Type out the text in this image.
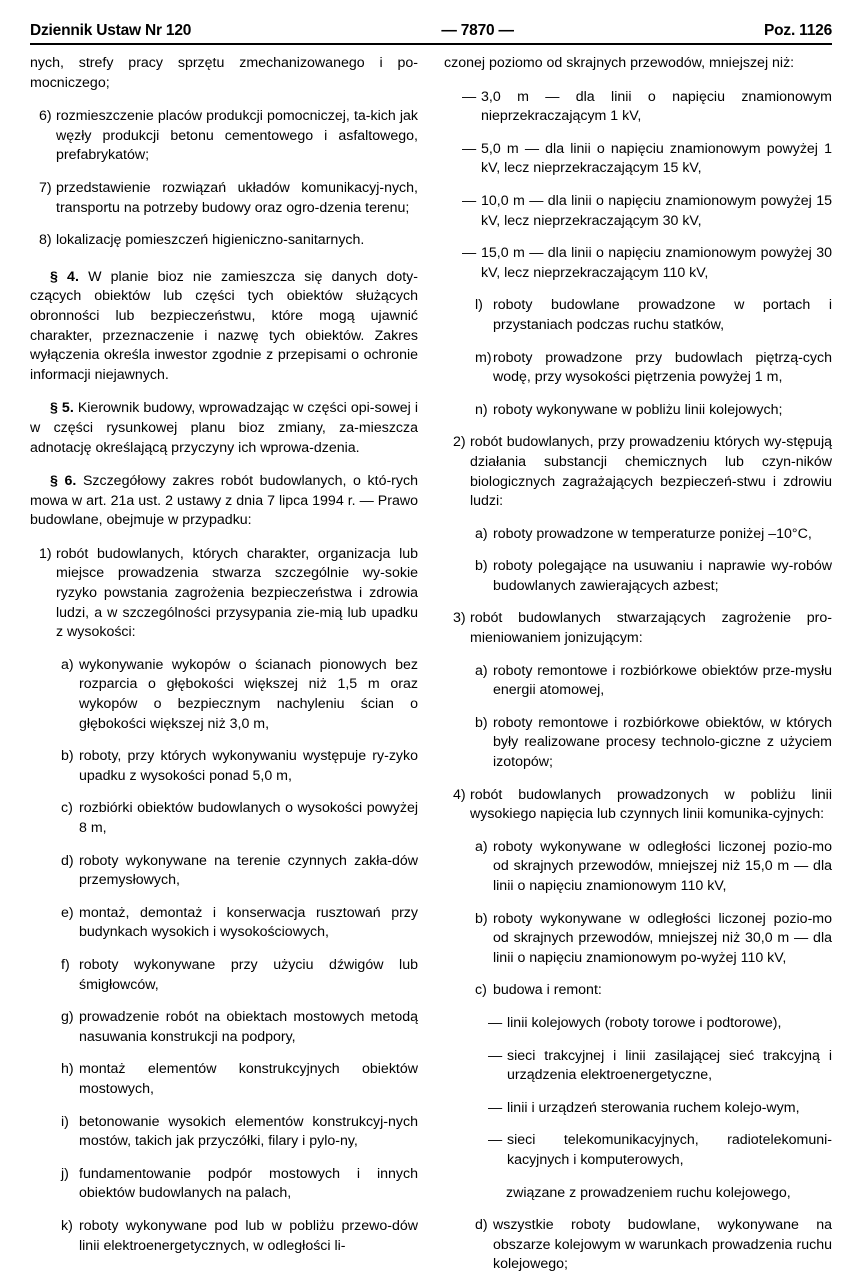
Dziennik Ustaw Nr 120	— 7870 —	Poz. 1126
nych, strefy pracy sprzętu zmechanizowanego i po-mocniczego;
6) rozmieszczenie placów produkcji pomocniczej, ta-kich jak węzły produkcji betonu cementowego i asfaltowego, prefabrykatów;
7) przedstawienie rozwiązań układów komunikacyj-nych, transportu na potrzeby budowy oraz ogro-dzenia terenu;
8) lokalizację pomieszczeń higieniczno-sanitarnych.

§ 4. W planie bioz nie zamieszcza się danych doty-czących obiektów lub części tych obiektów służących obronności lub bezpieczeństwu, które mogą ujawnić charakter, przeznaczenie i nazwę tych obiektów. Zakres wyłączenia określa inwestor zgodnie z przepisami o ochronie informacji niejawnych.

§ 5. Kierownik budowy, wprowadzając w części opi-sowej i w części rysunkowej planu bioz zmiany, za-mieszcza adnotację określającą przyczyny ich wprowa-dzenia.

§ 6. Szczegółowy zakres robót budowlanych, o któ-rych mowa w art. 21a ust. 2 ustawy z dnia 7 lipca 1994 r. — Prawo budowlane, obejmuje w przypadku:

1) robót budowlanych, których charakter, organizacja lub miejsce prowadzenia stwarza szczególnie wy-sokie ryzyko powstania zagrożenia bezpieczeństwa i zdrowia ludzi, a w szczególności przysypania zie-mią lub upadku z wysokości:
a) wykonywanie wykopów o ścianach pionowych bez rozparcia o głębokości większej niż 1,5 m oraz wykopów o bezpiecznym nachyleniu ścian o głębokości większej niż 3,0 m,
b) roboty, przy których wykonywaniu występuje ry-zyko upadku z wysokości ponad 5,0 m,
c) rozbiórki obiektów budowlanych o wysokości powyżej 8 m,
d) roboty wykonywane na terenie czynnych zakła-dów przemysłowych,
e) montaż, demontaż i konserwacja rusztowań przy budynkach wysokich i wysokościowych,
f) roboty wykonywane przy użyciu dźwigów lub śmigłowców,
g) prowadzenie robót na obiektach mostowych metodą nasuwania konstrukcji na podpory,
h) montaż elementów konstrukcyjnych obiektów mostowych,
i) betonowanie wysokich elementów konstrukcyj-nych mostów, takich jak przyczółki, filary i pylo-ny,
j) fundamentowanie podpór mostowych i innych obiektów budowlanych na palach,
k) roboty wykonywane pod lub w pobliżu przewo-dów linii elektroenergetycznych, w odległości li-
czonej poziomo od skrajnych przewodów, mniejszej niż:
— 3,0 m — dla linii o napięciu znamionowym nieprzekraczającym 1 kV,
— 5,0 m — dla linii o napięciu znamionowym powyżej 1 kV, lecz nieprzekraczającym 15 kV,
— 10,0 m — dla linii o napięciu znamionowym powyżej 15 kV, lecz nieprzekraczającym 30 kV,
— 15,0 m — dla linii o napięciu znamionowym powyżej 30 kV, lecz nieprzekraczającym 110 kV,
l) roboty budowlane prowadzone w portach i przystaniach podczas ruchu statków,
m) roboty prowadzone przy budowlach piętrzą-cych wodę, przy wysokości piętrzenia powyżej 1 m,
n) roboty wykonywane w pobliżu linii kolejowych;
2) robót budowlanych, przy prowadzeniu których wy-stępują działania substancji chemicznych lub czyn-ników biologicznych zagrażających bezpieczeń-stwu i zdrowiu ludzi:
a) roboty prowadzone w temperaturze poniżej –10°C,
b) roboty polegające na usuwaniu i naprawie wy-robów budowlanych zawierających azbest;
3) robót budowlanych stwarzających zagrożenie pro-mieniowaniem jonizującym:
a) roboty remontowe i rozbiórkowe obiektów prze-mysłu energii atomowej,
b) roboty remontowe i rozbiórkowe obiektów, w których były realizowane procesy technolo-giczne z użyciem izotopów;
4) robót budowlanych prowadzonych w pobliżu linii wysokiego napięcia lub czynnych linii komunika-cyjnych:
a) roboty wykonywane w odległości liczonej pozio-mo od skrajnych przewodów, mniejszej niż 15,0 m — dla linii o napięciu znamionowym 110 kV,
b) roboty wykonywane w odległości liczonej pozio-mo od skrajnych przewodów, mniejszej niż 30,0 m — dla linii o napięciu znamionowym po-wyżej 110 kV,
c) budowa i remont:
— linii kolejowych (roboty torowe i podtorowe),
— sieci trakcyjnej i linii zasilającej sieć trakcyjną i urządzenia elektroenergetyczne,
— linii i urządzeń sterowania ruchem kolejo-wym,
— sieci telekomunikacyjnych, radiotelekomuni-kacyjnych i komputerowych,
związane z prowadzeniem ruchu kolejowego,
d) wszystkie roboty budowlane, wykonywane na obszarze kolejowym w warunkach prowadzenia ruchu kolejowego;
